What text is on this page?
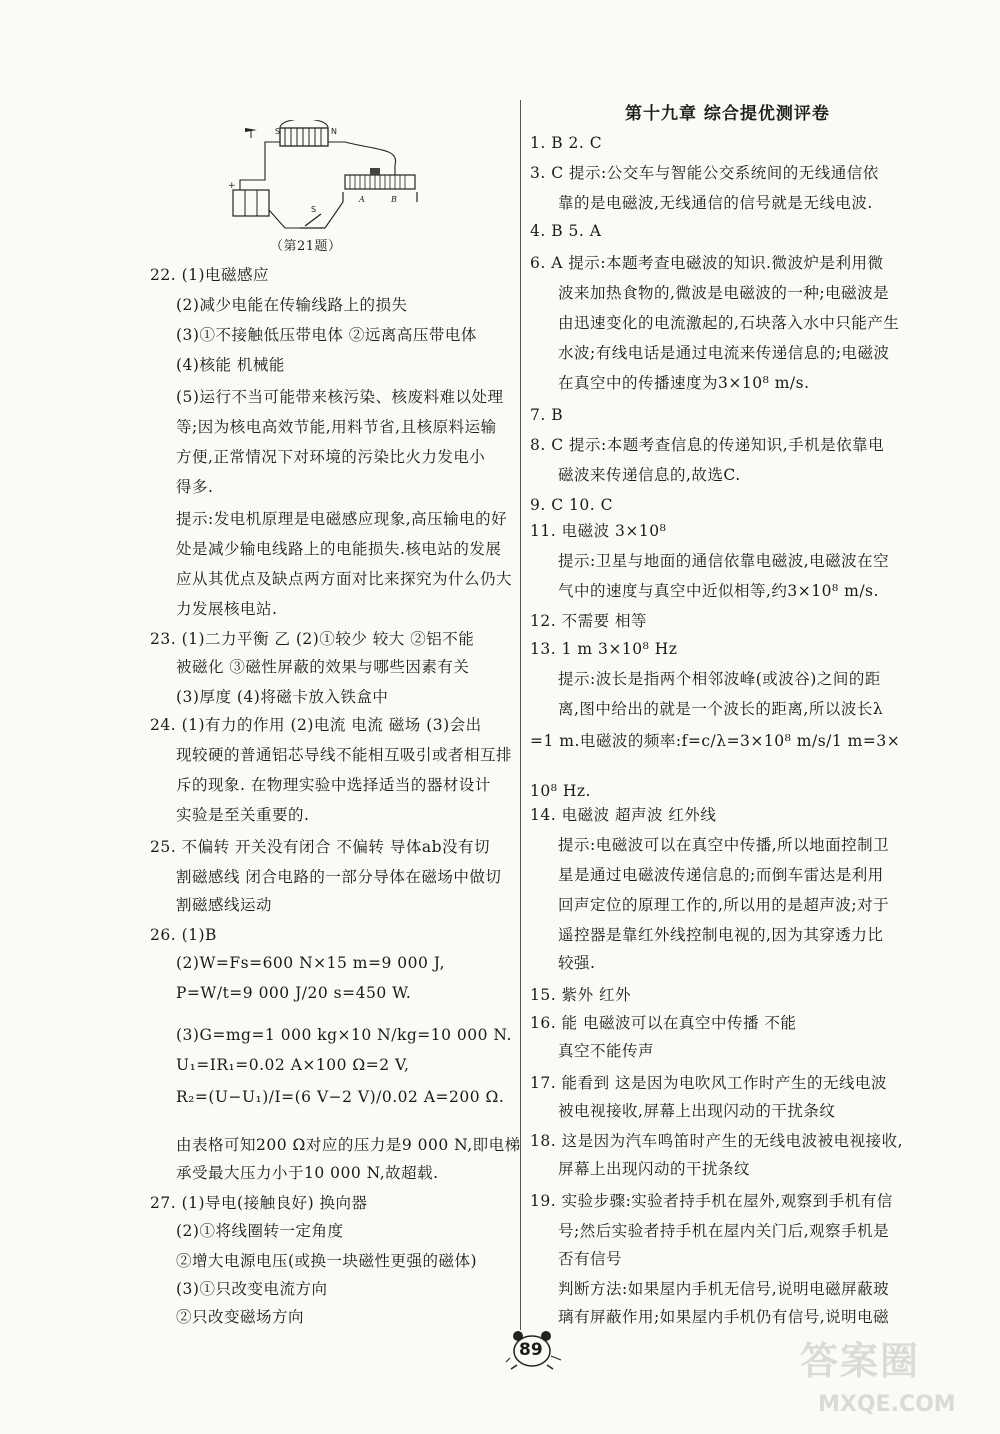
S	N
+
A	B
S
（第21题）
22. (1)电磁感应
(2)减少电能在传输线路上的损失
(3)①不接触低压带电体 ②远离高压带电体
(4)核能 机械能
(5)运行不当可能带来核污染、核废料难以处理
等;因为核电高效节能,用料节省,且核原料运输
方便,正常情况下对环境的污染比火力发电小
得多.
提示:发电机原理是电磁感应现象,高压输电的好
处是减少输电线路上的电能损失.核电站的发展
应从其优点及缺点两方面对比来探究为什么仍大
力发展核电站.
23. (1)二力平衡 乙 (2)①较少 较大 ②铝不能
被磁化 ③磁性屏蔽的效果与哪些因素有关
(3)厚度 (4)将磁卡放入铁盒中
24. (1)有力的作用 (2)电流 电流 磁场 (3)会出
现较硬的普通铝芯导线不能相互吸引或者相互排
斥的现象. 在物理实验中选择适当的器材设计
实验是至关重要的.
25. 不偏转 开关没有闭合 不偏转 导体ab没有切
割磁感线 闭合电路的一部分导体在磁场中做切
割磁感线运动
26. (1)B
(2)W=Fs=600 N×15 m=9 000 J,
P=W/t=9 000 J/20 s=450 W.
(3)G=mg=1 000 kg×10 N/kg=10 000 N.
U₁=IR₁=0.02 A×100 Ω=2 V,
R₂=(U−U₁)/I=(6 V−2 V)/0.02 A=200 Ω.
由表格可知200 Ω对应的压力是9 000 N,即电梯
承受最大压力小于10 000 N,故超载.
27. (1)导电(接触良好) 换向器
(2)①将线圈转一定角度
②增大电源电压(或换一块磁性更强的磁体)
(3)①只改变电流方向
②只改变磁场方向
第十九章 综合提优测评卷
1. B 2. C
3. C 提示:公交车与智能公交系统间的无线通信依
靠的是电磁波,无线通信的信号就是无线电波.
4. B 5. A
6. A 提示:本题考查电磁波的知识.微波炉是利用微
波来加热食物的,微波是电磁波的一种;电磁波是
由迅速变化的电流激起的,石块落入水中只能产生
水波;有线电话是通过电流来传递信息的;电磁波
在真空中的传播速度为3×10⁸ m/s.
7. B
8. C 提示:本题考查信息的传递知识,手机是依靠电
磁波来传递信息的,故选C.
9. C 10. C
11. 电磁波 3×10⁸
提示:卫星与地面的通信依靠电磁波,电磁波在空
气中的速度与真空中近似相等,约3×10⁸ m/s.
12. 不需要 相等
13. 1 m 3×10⁸ Hz
提示:波长是指两个相邻波峰(或波谷)之间的距
离,图中给出的就是一个波长的距离,所以波长λ
=1 m.电磁波的频率:f=c/λ=3×10⁸ m/s/1 m=3×
10⁸ Hz.
14. 电磁波 超声波 红外线
提示:电磁波可以在真空中传播,所以地面控制卫
星是通过电磁波传递信息的;而倒车雷达是利用
回声定位的原理工作的,所以用的是超声波;对于
遥控器是靠红外线控制电视的,因为其穿透力比
较强.
15. 紫外 红外
16. 能 电磁波可以在真空中传播 不能
真空不能传声
17. 能看到 这是因为电吹风工作时产生的无线电波
被电视接收,屏幕上出现闪动的干扰条纹
18. 这是因为汽车鸣笛时产生的无线电波被电视接收,
屏幕上出现闪动的干扰条纹
19. 实验步骤:实验者持手机在屋外,观察到手机有信
号;然后实验者持手机在屋内关门后,观察手机是
否有信号
判断方法:如果屋内手机无信号,说明电磁屏蔽玻
璃有屏蔽作用;如果屋内手机仍有信号,说明电磁
89	答案圈
MXQE.COM
